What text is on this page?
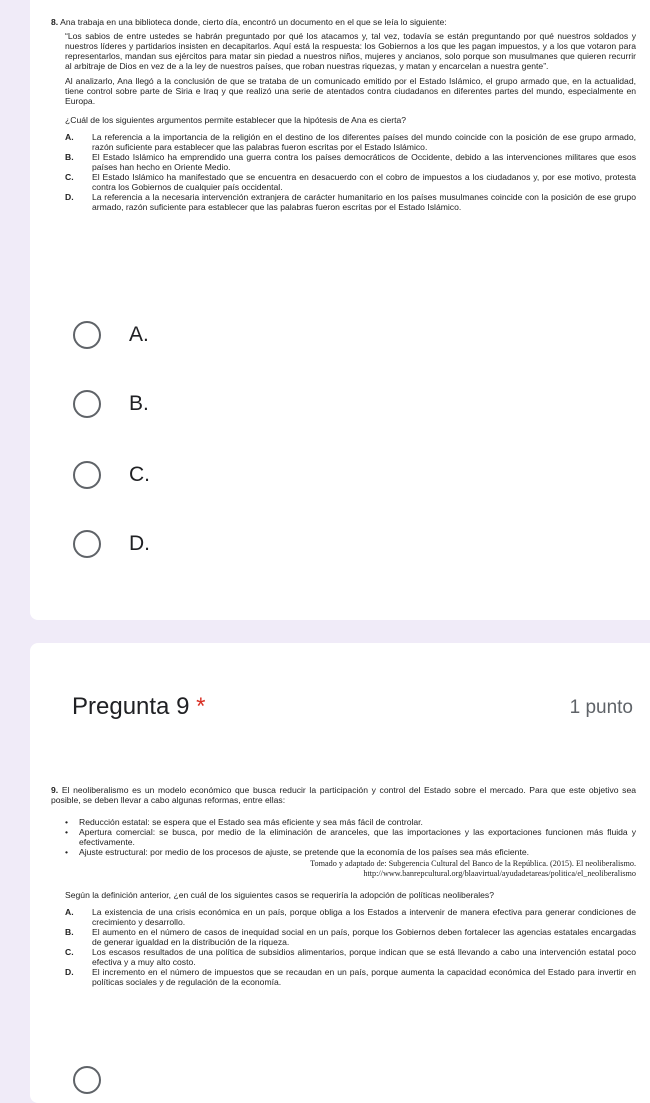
8. Ana trabaja en una biblioteca donde, cierto día, encontró un documento en el que se leía lo siguiente:

“Los sabios de entre ustedes se habrán preguntado por qué los atacamos y, tal vez, todavía se están preguntando por qué nuestros soldados y nuestros líderes y partidarios insisten en decapitarlos. Aquí está la respuesta: los Gobiernos a los que les pagan impuestos, y a los que votaron para representarlos, mandan sus ejércitos para matar sin piedad a nuestros niños, mujeres y ancianos, solo porque son musulmanes que quieren recurrir al arbitraje de Dios en vez de a la ley de nuestros países, que roban nuestras riquezas, y matan y encarcelan a nuestra gente”.

Al analizarlo, Ana llegó a la conclusión de que se trataba de un comunicado emitido por el Estado Islámico, el grupo armado que, en la actualidad, tiene control sobre parte de Siria e Iraq y que realizó una serie de atentados contra ciudadanos en diferentes partes del mundo, especialmente en Europa.

¿Cuál de los siguientes argumentos permite establecer que la hipótesis de Ana es cierta?

A.	La referencia a la importancia de la religión en el destino de los diferentes países del mundo coincide con la posición de ese grupo armado, razón suficiente para establecer que las palabras fueron escritas por el Estado Islámico.
B.	El Estado Islámico ha emprendido una guerra contra los países democráticos de Occidente, debido a las intervenciones militares que esos países han hecho en Oriente Medio.
C.	El Estado Islámico ha manifestado que se encuentra en desacuerdo con el cobro de impuestos a los ciudadanos y, por ese motivo, protesta contra los Gobiernos de cualquier país occidental.
D.	La referencia a la necesaria intervención extranjera de carácter humanitario en los países musulmanes coincide con la posición de ese grupo armado, razón suficiente para establecer que las palabras fueron escritas por el Estado Islámico.
A.
B.
C.
D.
Pregunta 9 *	1 punto

9. El neoliberalismo es un modelo económico que busca reducir la participación y control del Estado sobre el mercado. Para que este objetivo sea posible, se deben llevar a cabo algunas reformas, entre ellas:

•	Reducción estatal: se espera que el Estado sea más eficiente y sea más fácil de controlar.
•	Apertura comercial: se busca, por medio de la eliminación de aranceles, que las importaciones y las exportaciones funcionen más fluida y efectivamente.
•	Ajuste estructural: por medio de los procesos de ajuste, se pretende que la economía de los países sea más eficiente.
Tomado y adaptado de: Subgerencia Cultural del Banco de la República. (2015). El neoliberalismo.
http://www.banrepcultural.org/blaavirtual/ayudadetareas/politica/el_neoliberalismo

Según la definición anterior, ¿en cuál de los siguientes casos se requeriría la adopción de políticas neoliberales?

A.	La existencia de una crisis económica en un país, porque obliga a los Estados a intervenir de manera efectiva para generar condiciones de crecimiento y desarrollo.
B.	El aumento en el número de casos de inequidad social en un país, porque los Gobiernos deben fortalecer las agencias estatales encargadas de generar igualdad en la distribución de la riqueza.
C.	Los escasos resultados de una política de subsidios alimentarios, porque indican que se está llevando a cabo una intervención estatal poco efectiva y a muy alto costo.
D.	El incremento en el número de impuestos que se recaudan en un país, porque aumenta la capacidad económica del Estado para invertir en políticas sociales y de regulación de la economía.
